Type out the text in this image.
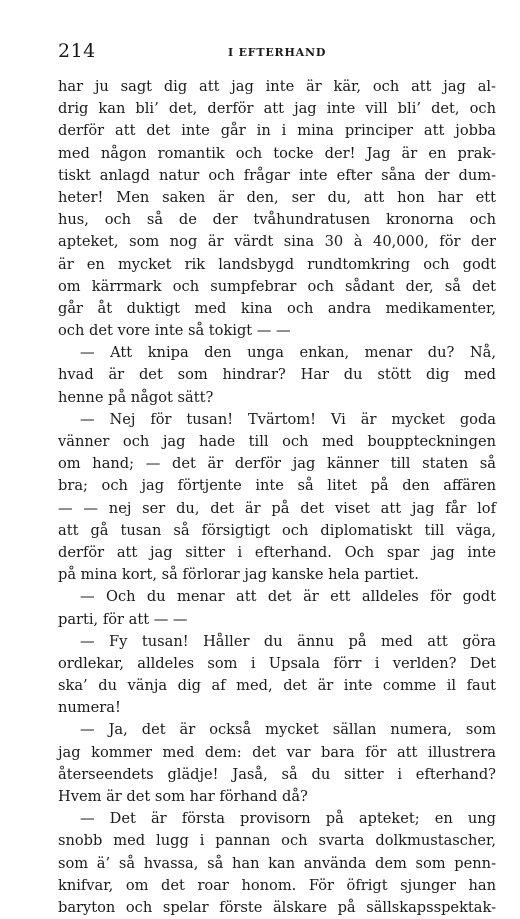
214	I EFTERHAND
har ju sagt dig att jag inte är kär, och att jag al-
drig kan bli’ det, derför att jag inte vill bli’ det, och
derför att det inte går in i mina principer att jobba
med någon romantik och tocke der! Jag är en prak-
tiskt anlagd natur och frågar inte efter såna der dum-
heter! Men saken är den, ser du, att hon har ett
hus, och så de der tvåhundratusen kronorna och
apteket, som nog är värdt sina 30 à 40,000, för der
är en mycket rik landsbygd rundtomkring och godt
om kärrmark och sumpfebrar och sådant der, så det
går åt duktigt med kina och andra medikamenter,
och det vore inte så tokigt — —
— Att knipa den unga enkan, menar du? Nå,
hvad är det som hindrar? Har du stött dig med
henne på något sätt?
— Nej för tusan! Tvärtom! Vi är mycket goda
vänner och jag hade till och med bouppteckningen
om hand; — det är derför jag känner till staten så
bra; och jag förtjente inte så litet på den affären
— — nej ser du, det är på det viset att jag får lof
att gå tusan så försigtigt och diplomatiskt till väga,
derför att jag sitter i efterhand. Och spar jag inte
på mina kort, så förlorar jag kanske hela partiet.
— Och du menar att det är ett alldeles för godt
parti, för att — —
— Fy tusan! Håller du ännu på med att göra
ordlekar, alldeles som i Upsala förr i verlden? Det
ska’ du vänja dig af med, det är inte comme il faut
numera!
— Ja, det är också mycket sällan numera, som
jag kommer med dem: det var bara för att illustrera
återseendets glädje! Jaså, så du sitter i efterhand?
Hvem är det som har förhand då?
— Det är första provisorn på apteket; en ung
snobb med lugg i pannan och svarta dolkmustascher,
som ä’ så hvassa, så han kan använda dem som penn-
knifvar, om det roar honom. För öfrigt sjunger han
baryton och spelar förste älskare på sällskapsspektak-
